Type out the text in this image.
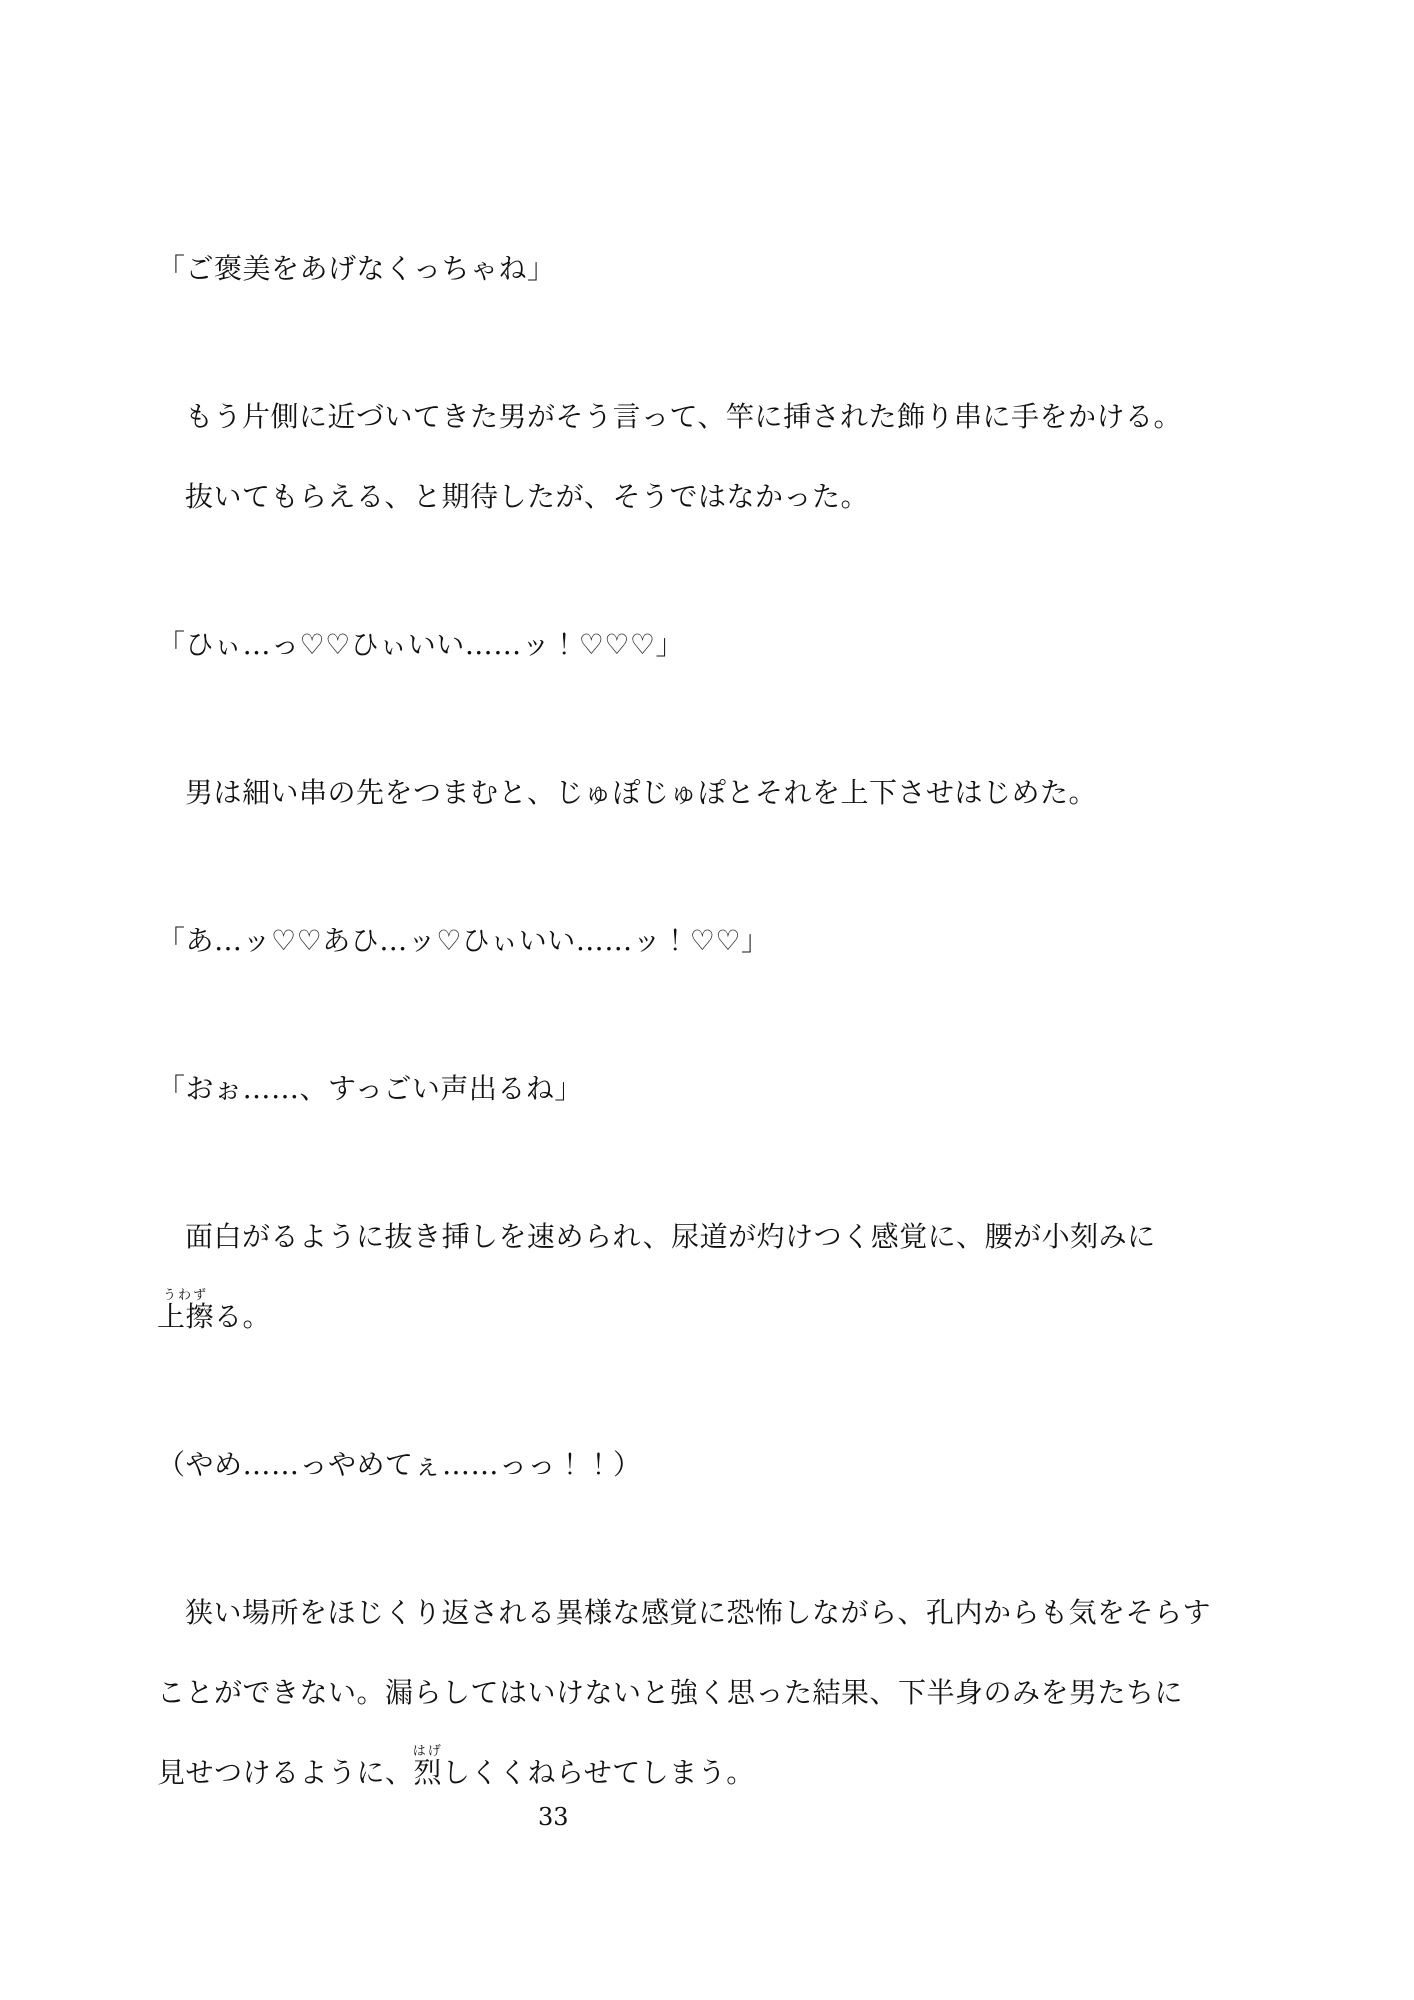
「ご褒美をあげなくっちゃね」
もう片側に近づいてきた男がそう言って、竿に挿された飾り串に手をかける。
抜いてもらえる、と期待したが、そうではなかった。
「ひぃ…っ♡♡ひぃいい……ッ！♡♡♡」
男は細い串の先をつまむと、じゅぽじゅぽとそれを上下させはじめた。
「あ…ッ♡♡あひ…ッ♡ひぃいい……ッ！♡♡」
「おぉ……、すっごい声出るね」
面白がるように抜き挿しを速められ、尿道が灼けつく感覚に、腰が小刻みに
上擦うわずる。
（やめ……っやめてぇ……っっ！！）
狭い場所をほじくり返される異様な感覚に恐怖しながら、孔内からも気をそらす
ことができない。漏らしてはいけないと強く思った結果、下半身のみを男たちに
見せつけるように、烈はげしくくねらせてしまう。
33
